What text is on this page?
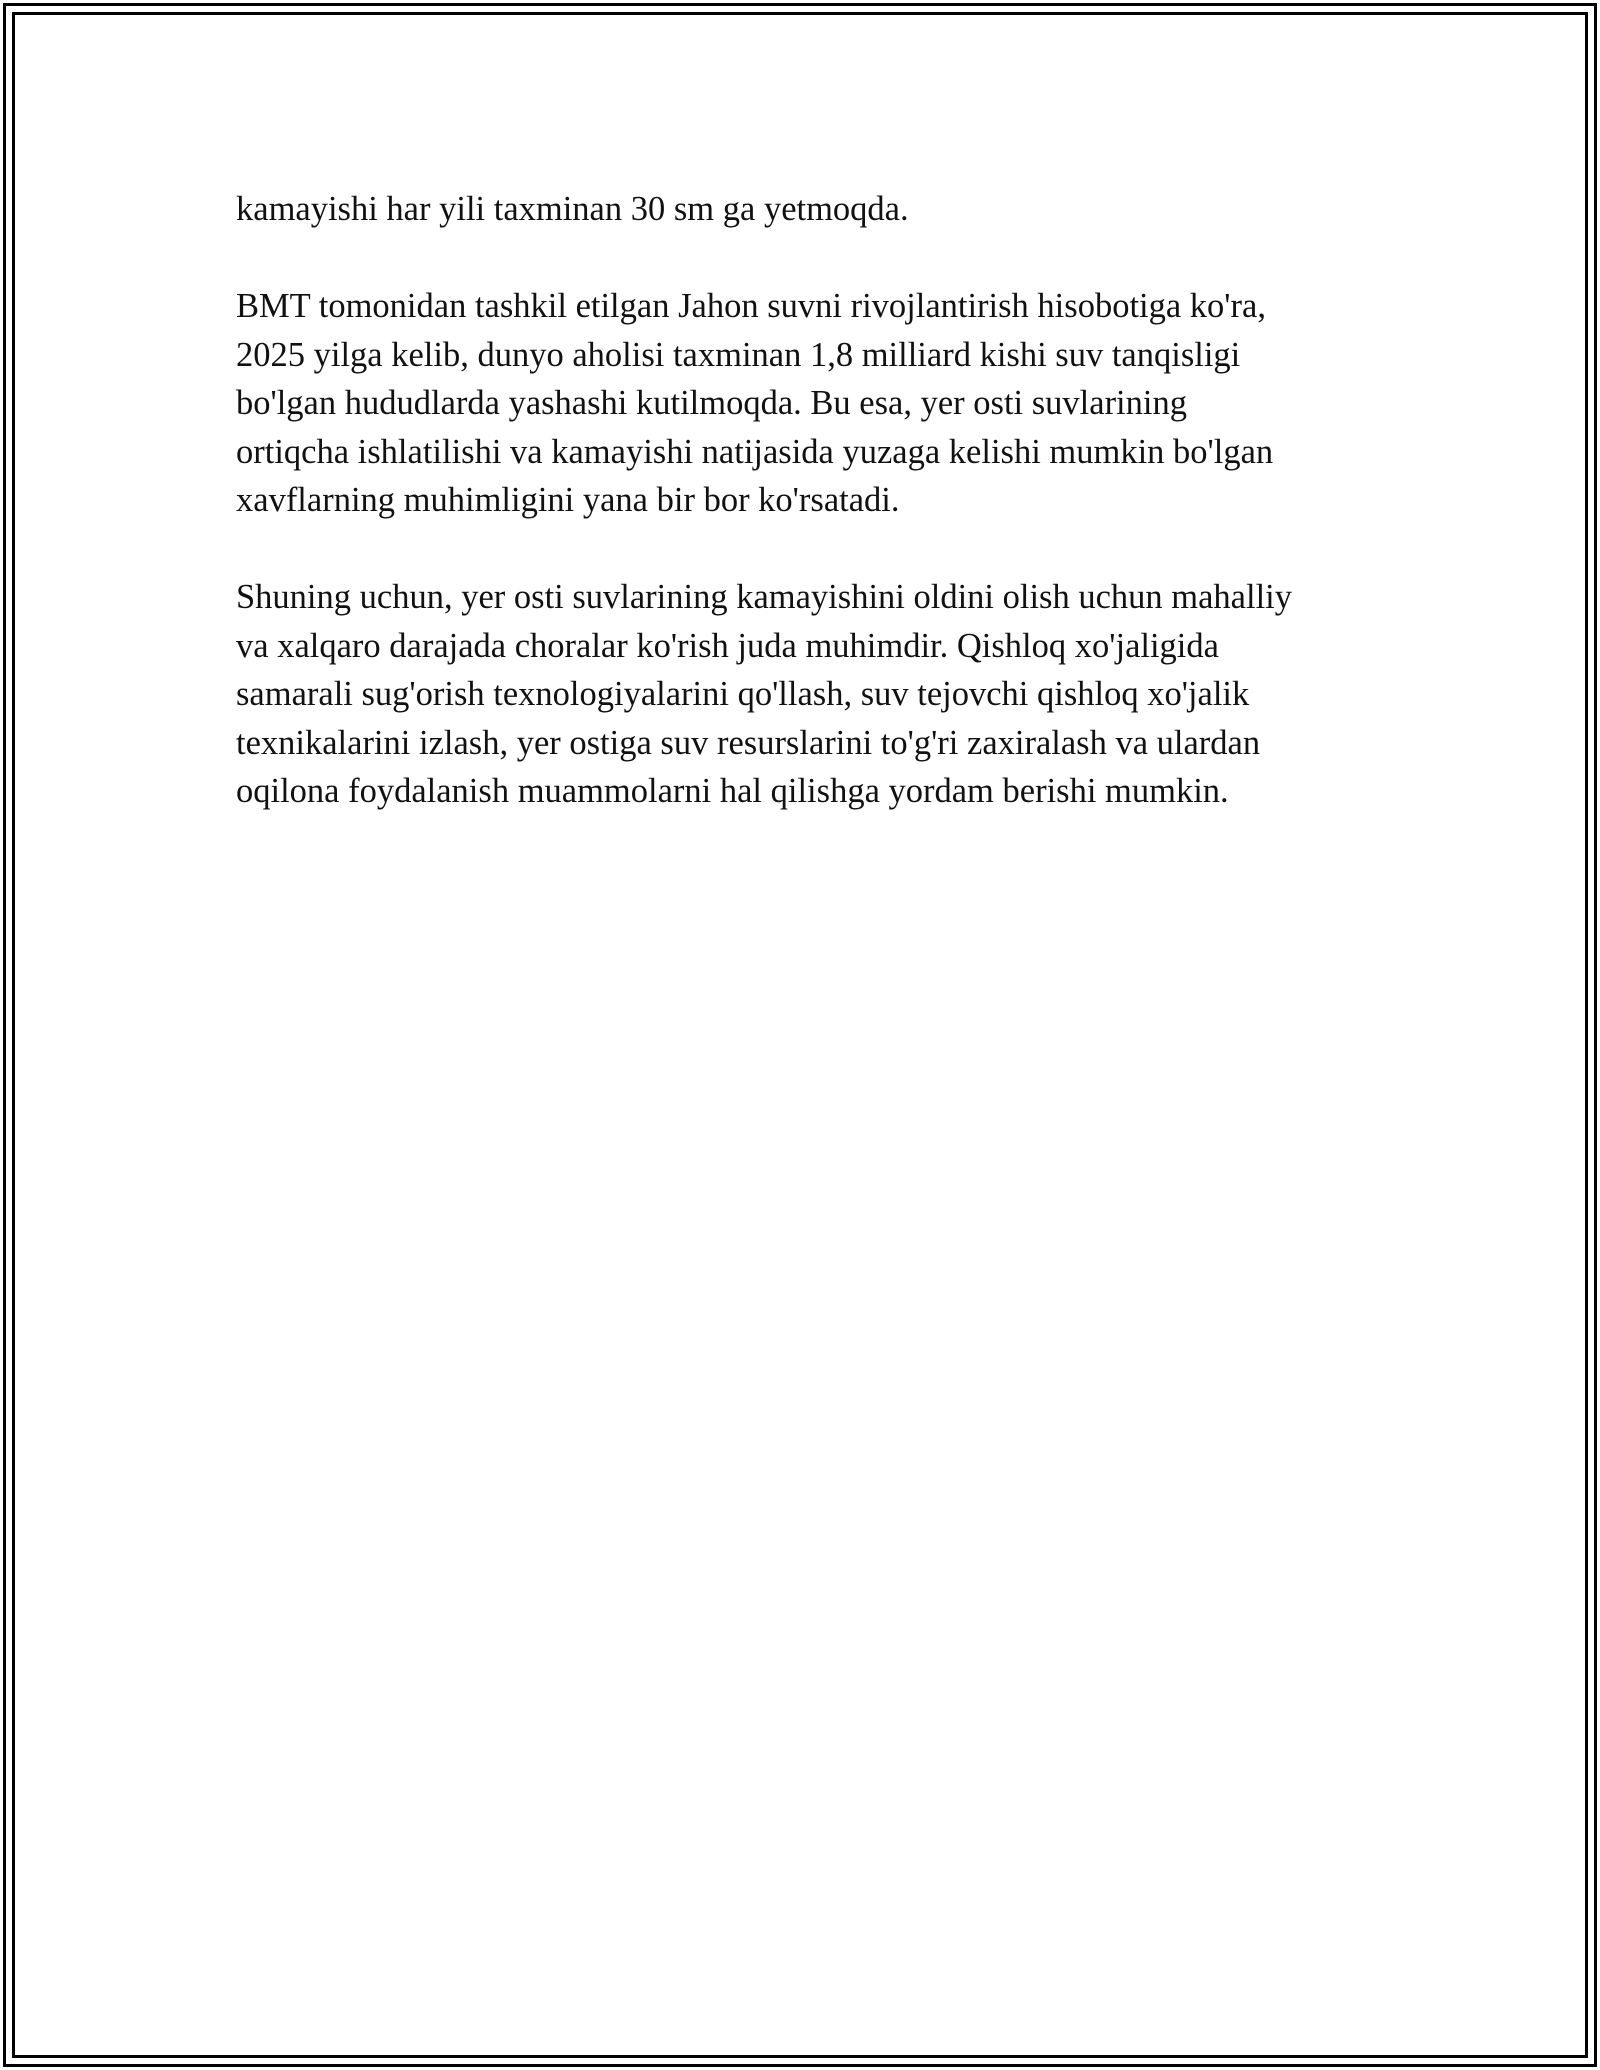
kamayishi har yili taxminan 30 sm ga yetmoqda.

BMT tomonidan tashkil etilgan Jahon suvni rivojlantirish hisobotiga ko'ra,
2025 yilga kelib, dunyo aholisi taxminan 1,8 milliard kishi suv tanqisligi
bo'lgan hududlarda yashashi kutilmoqda. Bu esa, yer osti suvlarining
ortiqcha ishlatilishi va kamayishi natijasida yuzaga kelishi mumkin bo'lgan
xavflarning muhimligini yana bir bor ko'rsatadi.

Shuning uchun, yer osti suvlarining kamayishini oldini olish uchun mahalliy
va xalqaro darajada choralar ko'rish juda muhimdir. Qishloq xo'jaligida
samarali sug'orish texnologiyalarini qo'llash, suv tejovchi qishloq xo'jalik
texnikalarini izlash, yer ostiga suv resurslarini to'g'ri zaxiralash va ulardan
oqilona foydalanish muammolarni hal qilishga yordam berishi mumkin.
